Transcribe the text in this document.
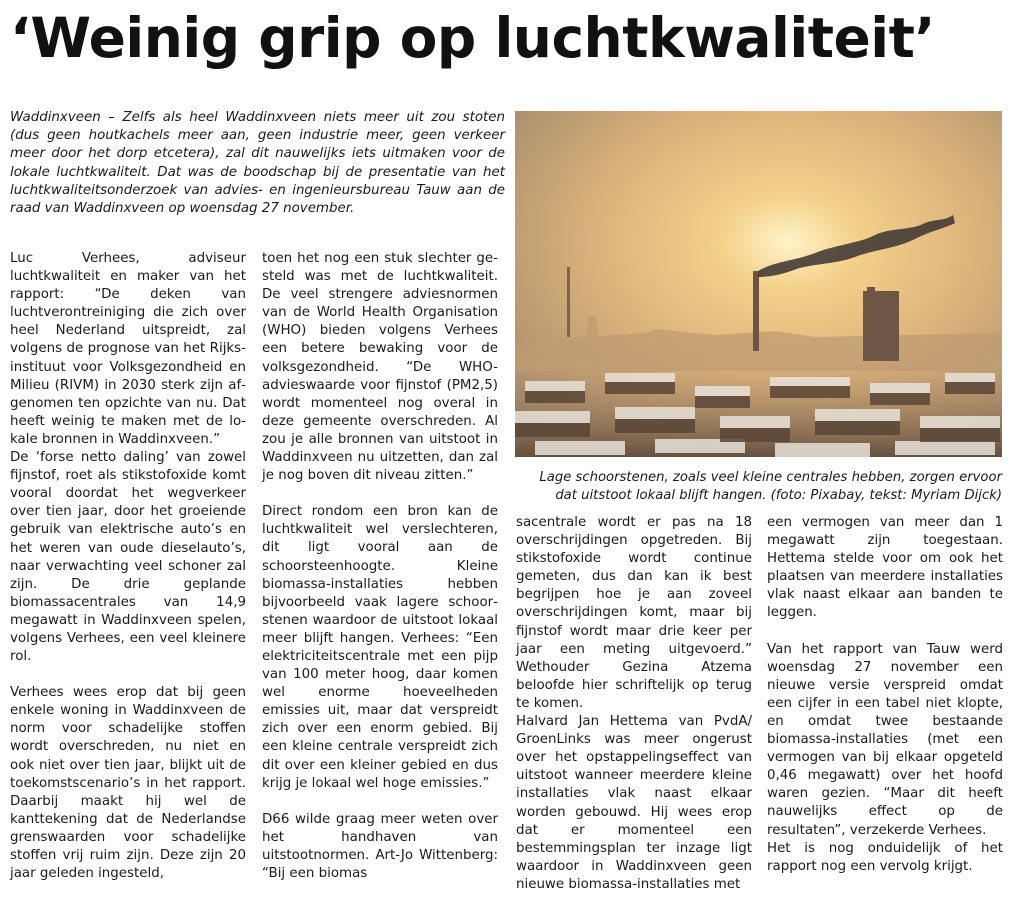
‘Weinig grip op luchtkwaliteit’

Waddinxveen – Zelfs als heel Waddinxveen niets meer uit zou stoten (dus geen houtkachels meer aan, geen industrie meer, geen verkeer meer door het dorp etcetera), zal dit nauwelijks iets uitmaken voor de lokale luchtkwaliteit. Dat was de boodschap bij de presentatie van het luchtkwaliteitsonderzoek van advies- en ingenieursbureau Tauw aan de raad van Waddinxveen op woensdag 27 november.

Lage schoorstenen, zoals veel kleine centrales hebben, zorgen ervoor dat uitstoot lokaal blijft hangen. (foto: Pixabay, tekst: Myriam Dijck)

Luc Verhees, adviseur luchtkwaliteit en maker van het rapport: “De deken van luchtverontreiniging die zich over heel Nederland uitspreidt, zal volgens de prognose van het Rijksinstituut voor Volksgezondheid en Milieu (RIVM) in 2030 sterk zijn afgenomen ten opzichte van nu. Dat heeft weinig te maken met de lokale bronnen in Waddinxveen.”

De ‘forse netto daling’ van zowel fijnstof, roet als stikstofoxide komt vooral doordat het wegverkeer over tien jaar, door het groeiende gebruik van elektrische auto’s en het weren van oude dieselauto’s, naar verwachting veel schoner zal zijn. De drie geplande biomassacentrales van 14,9 megawatt in Waddinxveen spelen, volgens Verhees, een veel kleinere rol.

Verhees wees erop dat bij geen enkele woning in Waddinxveen de norm voor schadelijke stoffen wordt overschreden, nu niet en ook niet over tien jaar, blijkt uit de toekomstscenario’s in het rapport. Daarbij maakt hij wel de kanttekening dat de Nederlandse grenswaarden voor schadelijke stoffen vrij ruim zijn. Deze zijn 20 jaar geleden ingesteld,

toen het nog een stuk slechter gesteld was met de luchtkwaliteit. De veel strengere adviesnormen van de World Health Organisation (WHO) bieden volgens Verhees een betere bewaking voor de volksgezondheid. “De WHO-advieswaarde voor fijnstof (PM2,5) wordt momenteel nog overal in deze gemeente overschreden. Al zou je alle bronnen van uitstoot in Waddinxveen nu uitzetten, dan zal je nog boven dit niveau zitten.”

Direct rondom een bron kan de luchtkwaliteit wel verslechteren, dit ligt vooral aan de schoorsteenhoogte. Kleine biomassa-installaties hebben bijvoorbeeld vaak lagere schoorstenen waardoor de uitstoot lokaal meer blijft hangen. Verhees: “Een elektriciteitscentrale met een pijp van 100 meter hoog, daar komen wel enorme hoeveelheden emissies uit, maar dat verspreidt zich over een enorm gebied. Bij een kleine centrale verspreidt zich dit over een kleiner gebied en dus krijg je lokaal wel hoge emissies.”

D66 wilde graag meer weten over het handhaven van uitstootnormen. Art-Jo Wittenberg: “Bij een biomas

sacentrale wordt er pas na 18 overschrijdingen opgetreden. Bij stikstofoxide wordt continue gemeten, dus dan kan ik best begrijpen hoe je aan zoveel overschrijdingen komt, maar bij fijnstof wordt maar drie keer per jaar een meting uitgevoerd.” Wethouder Gezina Atzema beloofde hier schriftelijk op terug te komen.

Halvard Jan Hettema van PvdA/ GroenLinks was meer ongerust over het opstappelingseffect van uitstoot wanneer meerdere kleine installaties vlak naast elkaar worden gebouwd. Hij wees erop dat er momenteel een bestemmingsplan ter inzage ligt waardoor in Waddinxveen geen nieuwe biomassa-installaties met

een vermogen van meer dan 1 megawatt zijn toegestaan. Hettema stelde voor om ook het plaatsen van meerdere installaties vlak naast elkaar aan banden te leggen.

Van het rapport van Tauw werd woensdag 27 november een nieuwe versie verspreid omdat een cijfer in een tabel niet klopte, en omdat twee bestaande biomassa-installaties (met een vermogen van bij elkaar opgeteld 0,46 megawatt) over het hoofd waren gezien. “Maar dit heeft nauwelijks effect op de resultaten”, verzekerde Verhees.

Het is nog onduidelijk of het rapport nog een vervolg krijgt.
